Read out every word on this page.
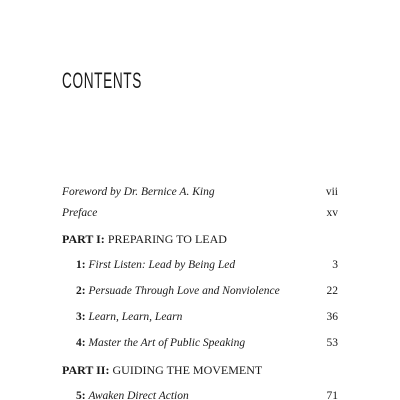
CONTENTS
Foreword by Dr. Bernice A. King	vii
Preface	xv
PART I: PREPARING TO LEAD
1: First Listen: Lead by Being Led	3
2: Persuade Through Love and Nonviolence	22
3: Learn, Learn, Learn	36
4: Master the Art of Public Speaking	53
PART II: GUIDING THE MOVEMENT
5: Awaken Direct Action	71
